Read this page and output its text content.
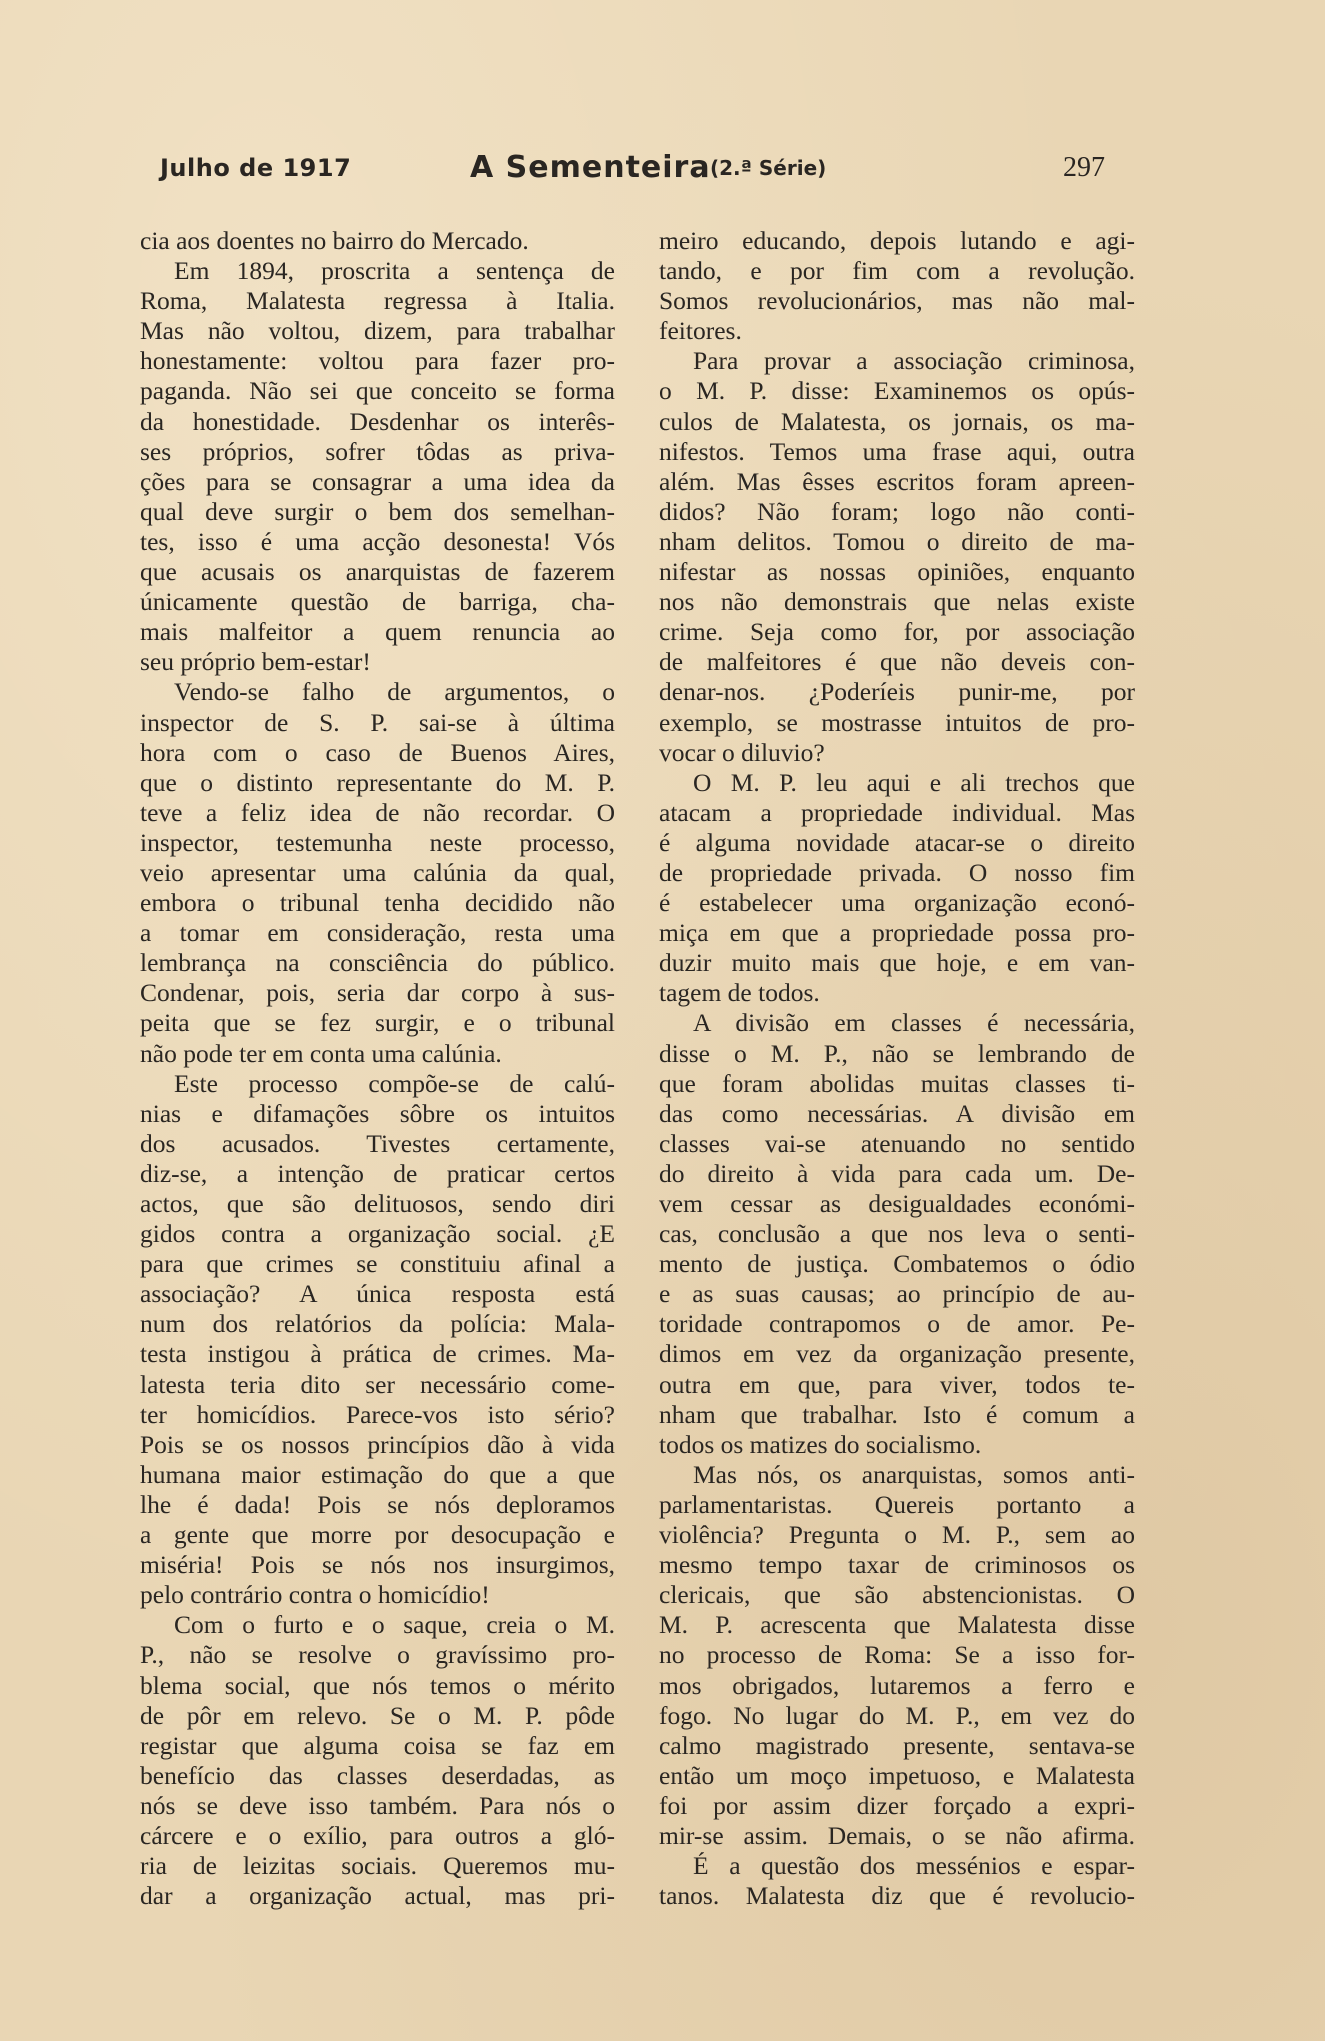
Julho de 1917	A Sementeira (2.ª Série)	297
cia aos doentes no bairro do Mercado.
Em 1894, proscrita a sentença de
Roma, Malatesta regressa à Italia.
Mas não voltou, dizem, para trabalhar
honestamente: voltou para fazer pro-
paganda. Não sei que conceito se forma
da honestidade. Desdenhar os interês-
ses próprios, sofrer tôdas as priva-
ções para se consagrar a uma idea da
qual deve surgir o bem dos semelhan-
tes, isso é uma acção desonesta! Vós
que acusais os anarquistas de fazerem
únicamente questão de barriga, cha-
mais malfeitor a quem renuncia ao
seu próprio bem-estar!
Vendo-se falho de argumentos, o
inspector de S. P. sai-se à última
hora com o caso de Buenos Aires,
que o distinto representante do M. P.
teve a feliz idea de não recordar. O
inspector, testemunha neste processo,
veio apresentar uma calúnia da qual,
embora o tribunal tenha decidido não
a tomar em consideração, resta uma
lembrança na consciência do público.
Condenar, pois, seria dar corpo à sus-
peita que se fez surgir, e o tribunal
não pode ter em conta uma calúnia.
Este processo compõe-se de calú-
nias e difamações sôbre os intuitos
dos acusados. Tivestes certamente,
diz-se, a intenção de praticar certos
actos, que são delituosos, sendo diri
gidos contra a organização social. ¿E
para que crimes se constituiu afinal a
associação? A única resposta está
num dos relatórios da polícia: Mala-
testa instigou à prática de crimes. Ma-
latesta teria dito ser necessário come-
ter homicídios. Parece-vos isto sério?
Pois se os nossos princípios dão à vida
humana maior estimação do que a que
lhe é dada! Pois se nós deploramos
a gente que morre por desocupação e
miséria! Pois se nós nos insurgimos,
pelo contrário contra o homicídio!
Com o furto e o saque, creia o M.
P., não se resolve o gravíssimo pro-
blema social, que nós temos o mérito
de pôr em relevo. Se o M. P. pôde
registar que alguma coisa se faz em
benefício das classes deserdadas, as
nós se deve isso também. Para nós o
cárcere e o exílio, para outros a gló-
ria de leizitas sociais. Queremos mu-
dar a organização actual, mas pri-
meiro educando, depois lutando e agi-
tando, e por fim com a revolução.
Somos revolucionários, mas não mal-
feitores.
Para provar a associação criminosa,
o M. P. disse: Examinemos os opús-
culos de Malatesta, os jornais, os ma-
nifestos. Temos uma frase aqui, outra
além. Mas êsses escritos foram apreen-
didos? Não foram; logo não conti-
nham delitos. Tomou o direito de ma-
nifestar as nossas opiniões, enquanto
nos não demonstrais que nelas existe
crime. Seja como for, por associação
de malfeitores é que não deveis con-
denar-nos. ¿Poderíeis punir-me, por
exemplo, se mostrasse intuitos de pro-
vocar o diluvio?
O M. P. leu aqui e ali trechos que
atacam a propriedade individual. Mas
é alguma novidade atacar-se o direito
de propriedade privada. O nosso fim
é estabelecer uma organização econó-
miça em que a propriedade possa pro-
duzir muito mais que hoje, e em van-
tagem de todos.
A divisão em classes é necessária,
disse o M. P., não se lembrando de
que foram abolidas muitas classes ti-
das como necessárias. A divisão em
classes vai-se atenuando no sentido
do direito à vida para cada um. De-
vem cessar as desigualdades económi-
cas, conclusão a que nos leva o senti-
mento de justiça. Combatemos o ódio
e as suas causas; ao princípio de au-
toridade contrapomos o de amor. Pe-
dimos em vez da organização presente,
outra em que, para viver, todos te-
nham que trabalhar. Isto é comum a
todos os matizes do socialismo.
Mas nós, os anarquistas, somos anti-
parlamentaristas. Quereis portanto a
violência? Pregunta o M. P., sem ao
mesmo tempo taxar de criminosos os
clericais, que são abstencionistas. O
M. P. acrescenta que Malatesta disse
no processo de Roma: Se a isso for-
mos obrigados, lutaremos a ferro e
fogo. No lugar do M. P., em vez do
calmo magistrado presente, sentava-se
então um moço impetuoso, e Malatesta
foi por assim dizer forçado a expri-
mir-se assim. Demais, o se não afirma.
É a questão dos messénios e espar-
tanos. Malatesta diz que é revolucio-
